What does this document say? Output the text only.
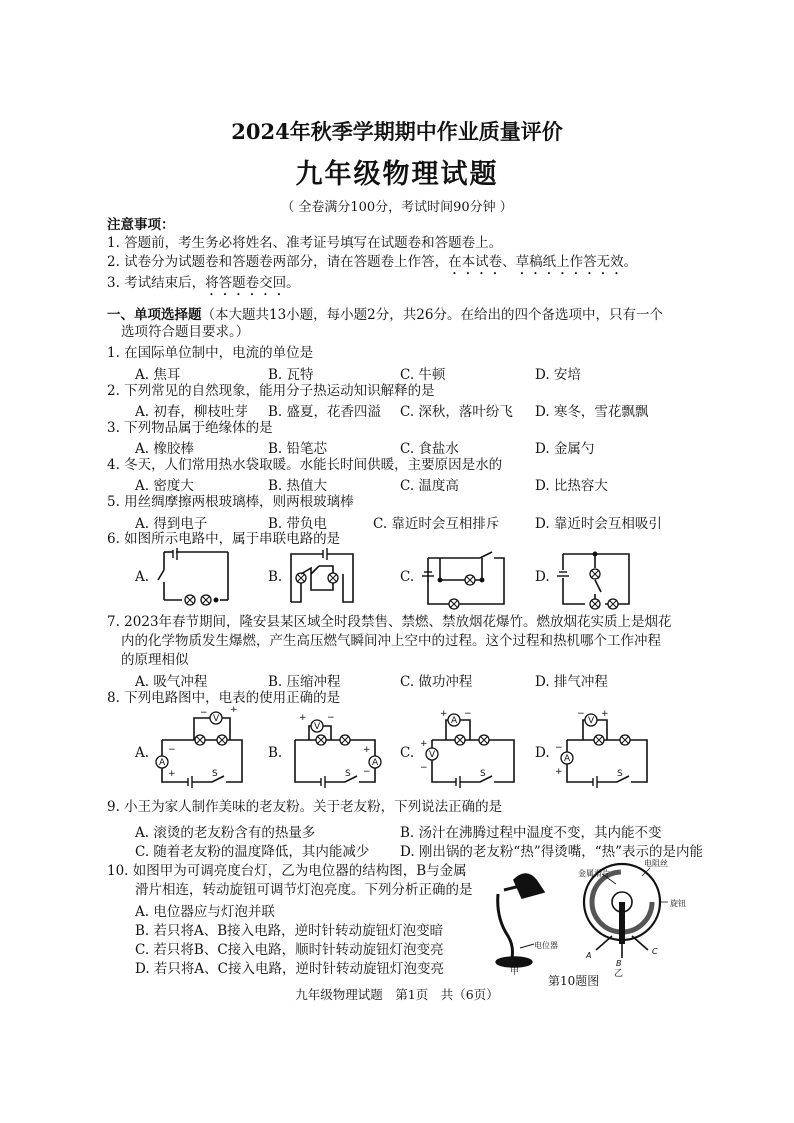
2024年秋季学期期中作业质量评价
九年级物理试题
（ 全卷满分100分，考试时间90分钟 ）
注意事项：
1. 答题前，考生务必将姓名、准考证号填写在试题卷和答题卷上。
2. 试卷分为试题卷和答题卷两部分，请在答题卷上作答，在本试卷、草稿纸上作答无效。
3. 考试结束后，将答题卷交回。
一、单项选择题（本大题共13小题，每小题2分，共26分。在给出的四个备选项中，只有一个
选项符合题目要求。）
1. 在国际单位制中，电流的单位是
A. 焦耳	B. 瓦特	C. 牛顿	D. 安培
2. 下列常见的自然现象，能用分子热运动知识解释的是
A. 初春，柳枝吐芽 B. 盛夏，花香四溢 C. 深秋，落叶纷飞 D. 寒冬，雪花飘飘
3. 下列物品属于绝缘体的是
A. 橡胶棒	B. 铅笔芯	C. 食盐水	D. 金属勺
4. 冬天，人们常用热水袋取暖。水能长时间供暖，主要原因是水的
A. 密度大	B. 热值大	C. 温度高	D. 比热容大
5. 用丝绸摩擦两根玻璃棒，则两根玻璃棒
A. 得到电子	B. 带负电	C. 靠近时会互相排斥	D. 靠近时会互相吸引
6. 如图所示电路中，属于串联电路的是
A.	B.	C.	D.
7. 2023年春节期间，隆安县某区域全时段禁售、禁燃、禁放烟花爆竹。燃放烟花实质上是烟花
内的化学物质发生爆燃，产生高压燃气瞬间冲上空中的过程。这个过程和热机哪个工作冲程
的原理相似
A. 吸气冲程	B. 压缩冲程	C. 做功冲程	D. 排气冲程
8. 下列电路图中，电表的使用正确的是
A.	B.	C.	D.
A
S
V
− +
−
+
A
S
V
+ −
+
−
V
S
A
+ −
+
−
A
S
V
− +
−
+
9. 小王为家人制作美味的老友粉。关于老友粉，下列说法正确的是
A. 滚烫的老友粉含有的热量多	B. 汤汁在沸腾过程中温度不变，其内能不变
C. 随着老友粉的温度降低，其内能减少 D. 刚出锅的老友粉“热”得烫嘴，“热”表示的是内能
10. 如图甲为可调亮度台灯，乙为电位器的结构图，B与金属
滑片相连，转动旋钮可调节灯泡亮度。下列分析正确的是
A. 电位器应与灯泡并联
B. 若只将A、B接入电路，逆时针转动旋钮灯泡变暗
C. 若只将B、C接入电路，顺时针转动旋钮灯泡变亮
D. 若只将A、C接入电路，逆时针转动旋钮灯泡变亮
电位器
甲
金属滑片
电阻丝
旋钮
A
B
C
乙
第10题图
九年级物理试题　第1页　共（6页）
